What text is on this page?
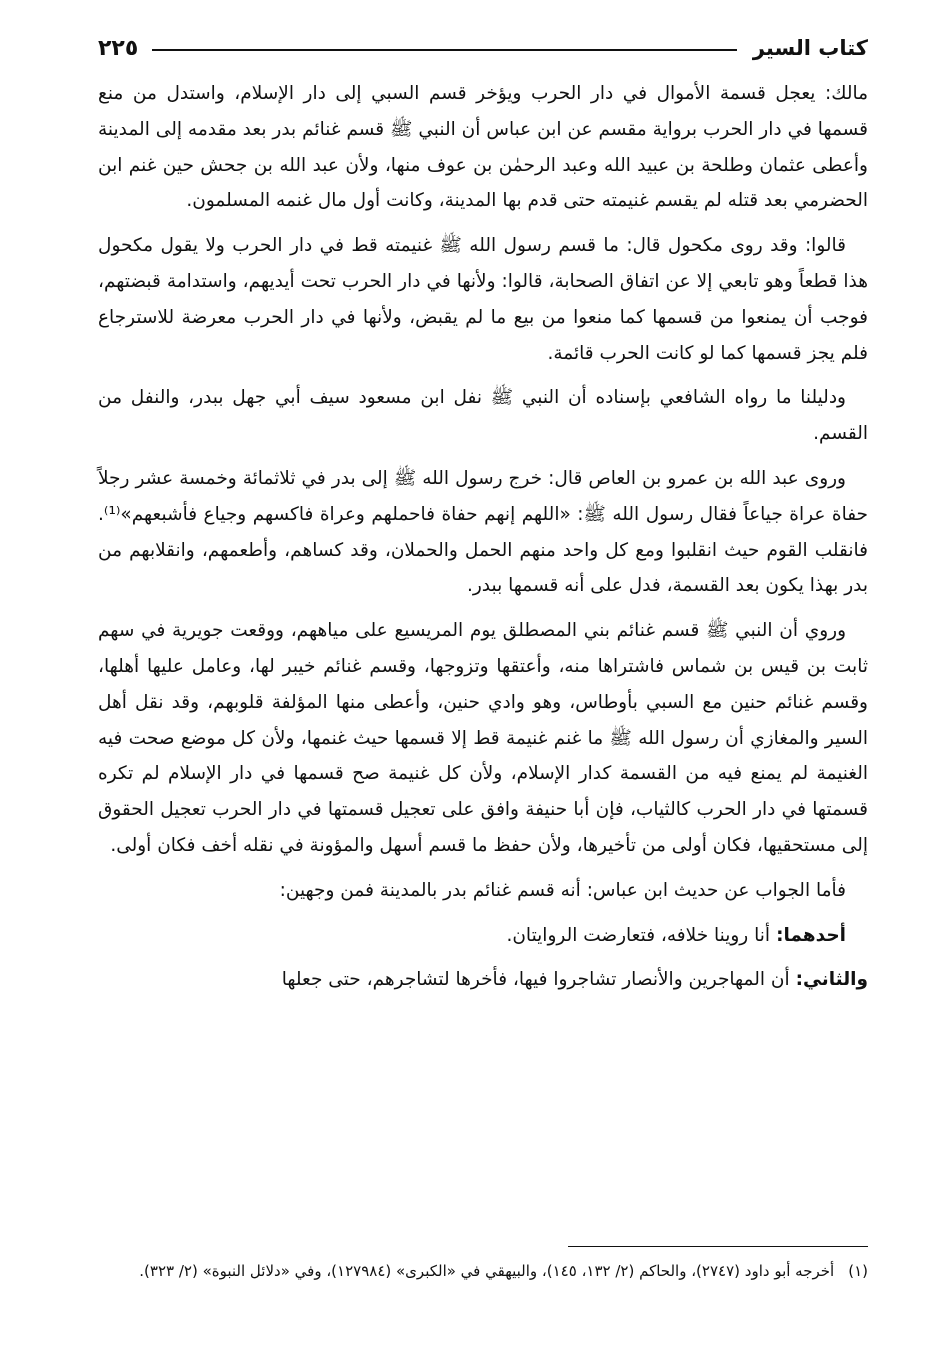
كتاب السير
٢٢٥

مالك: يعجل قسمة الأموال في دار الحرب ويؤخر قسم السبي إلى دار الإسلام، واستدل من منع قسمها في دار الحرب برواية مقسم عن ابن عباس أن النبي ﷺ قسم غنائم بدر بعد مقدمه إلى المدينة وأعطى عثمان وطلحة بن عبيد الله وعبد الرحمٰن بن عوف منها، ولأن عبد الله بن جحش حين غنم ابن الحضرمي بعد قتله لم يقسم غنيمته حتى قدم بها المدينة، وكانت أول مال غنمه المسلمون.

قالوا: وقد روى مكحول قال: ما قسم رسول الله ﷺ غنيمته قط في دار الحرب ولا يقول مكحول هذا قطعاً وهو تابعي إلا عن اتفاق الصحابة، قالوا: ولأنها في دار الحرب تحت أيديهم، واستدامة قبضتهم، فوجب أن يمنعوا من قسمها كما منعوا من بيع ما لم يقبض، ولأنها في دار الحرب معرضة للاسترجاع فلم يجز قسمها كما لو كانت الحرب قائمة.

ودليلنا ما رواه الشافعي بإسناده أن النبي ﷺ نفل ابن مسعود سيف أبي جهل ببدر، والنفل من القسم.

وروى عبد الله بن عمرو بن العاص قال: خرج رسول الله ﷺ إلى بدر في ثلاثمائة وخمسة عشر رجلاً حفاة عراة جياعاً فقال رسول الله ﷺ: «اللهم إنهم حفاة فاحملهم وعراة فاكسهم وجياع فأشبعهم»⁽¹⁾. فانقلب القوم حيث انقلبوا ومع كل واحد منهم الحمل والحملان، وقد كساهم، وأطعمهم، وانقلابهم من بدر بهذا يكون بعد القسمة، فدل على أنه قسمها ببدر.

وروي أن النبي ﷺ قسم غنائم بني المصطلق يوم المريسيع على مياههم، ووقعت جويرية في سهم ثابت بن قيس بن شماس فاشتراها منه، وأعتقها وتزوجها، وقسم غنائم خيبر لها، وعامل عليها أهلها، وقسم غنائم حنين مع السبي بأوطاس، وهو وادي حنين، وأعطى منها المؤلفة قلوبهم، وقد نقل أهل السير والمغازي أن رسول الله ﷺ ما غنم غنيمة قط إلا قسمها حيث غنمها، ولأن كل موضع صحت فيه الغنيمة لم يمنع فيه من القسمة كدار الإسلام، ولأن كل غنيمة صح قسمها في دار الإسلام لم تكره قسمتها في دار الحرب كالثياب، فإن أبا حنيفة وافق على تعجيل قسمتها في دار الحرب تعجيل الحقوق إلى مستحقيها، فكان أولى من تأخيرها، ولأن حفظ ما قسم أسهل والمؤونة في نقله أخف فكان أولى.

فأما الجواب عن حديث ابن عباس: أنه قسم غنائم بدر بالمدينة فمن وجهين:

أحدهما:أنا روينا خلافه، فتعارضت الروايتان.

والثاني:أن المهاجرين والأنصار تشاجروا فيها، فأخرها لتشاجرهم، حتى جعلها

(١)
أخرجه أبو داود (٢٧٤٧)، والحاكم (٢/ ١٣٢، ١٤٥)، والبيهقي في «الكبرى» (١٢٧٩٨٤)، وفي «دلائل النبوة» (٢/ ٣٢٣).
